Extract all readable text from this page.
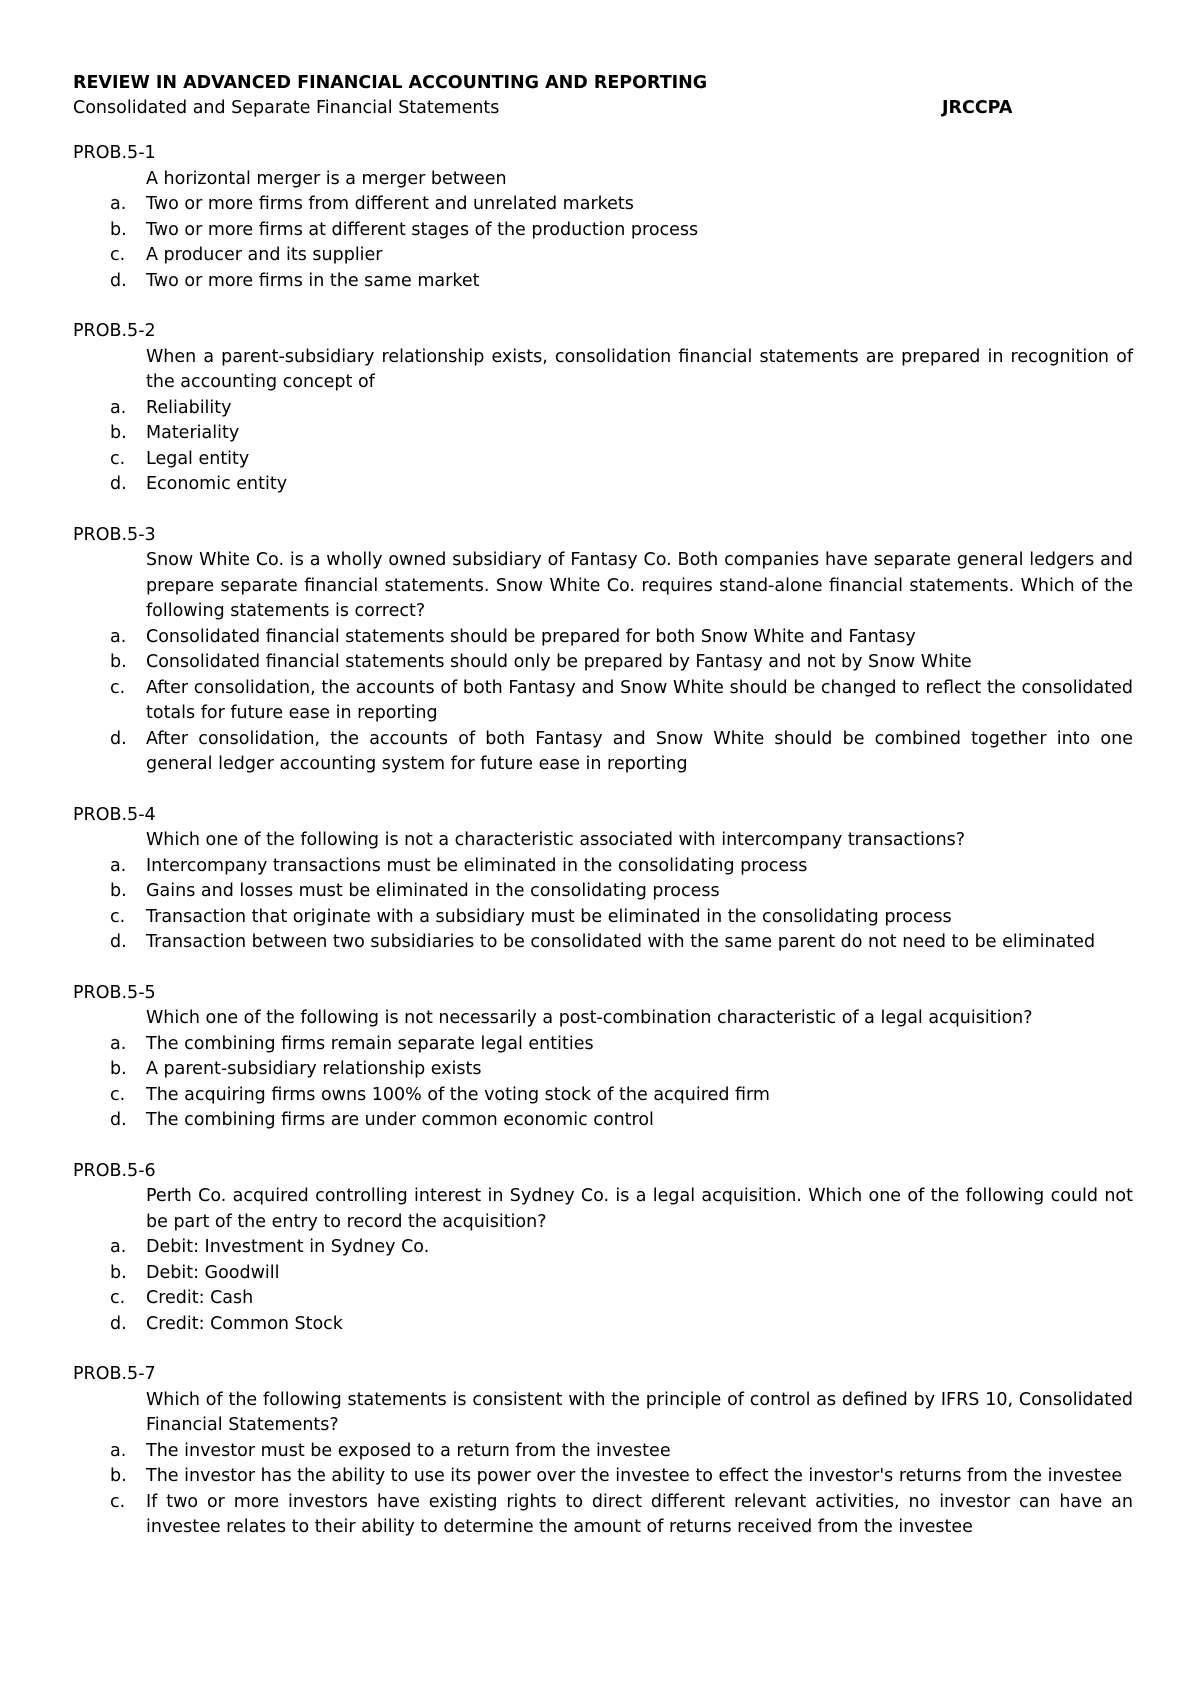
REVIEW IN ADVANCED FINANCIAL ACCOUNTING AND REPORTING
Consolidated and Separate Financial Statements	JRCCPA
PROB.5-1
A horizontal merger is a merger between
a. Two or more firms from different and unrelated markets
b. Two or more firms at different stages of the production process
c. A producer and its supplier
d. Two or more firms in the same market
PROB.5-2
When a parent-subsidiary relationship exists, consolidation financial statements are prepared in recognition of the accounting concept of
a. Reliability
b. Materiality
c. Legal entity
d. Economic entity
PROB.5-3
Snow White Co. is a wholly owned subsidiary of Fantasy Co. Both companies have separate general ledgers and prepare separate financial statements. Snow White Co. requires stand-alone financial statements. Which of the following statements is correct?
a. Consolidated financial statements should be prepared for both Snow White and Fantasy
b. Consolidated financial statements should only be prepared by Fantasy and not by Snow White
c. After consolidation, the accounts of both Fantasy and Snow White should be changed to reflect the consolidated totals for future ease in reporting
d. After consolidation, the accounts of both Fantasy and Snow White should be combined together into one general ledger accounting system for future ease in reporting
PROB.5-4
Which one of the following is not a characteristic associated with intercompany transactions?
a. Intercompany transactions must be eliminated in the consolidating process
b. Gains and losses must be eliminated in the consolidating process
c. Transaction that originate with a subsidiary must be eliminated in the consolidating process
d. Transaction between two subsidiaries to be consolidated with the same parent do not need to be eliminated
PROB.5-5
Which one of the following is not necessarily a post-combination characteristic of a legal acquisition?
a. The combining firms remain separate legal entities
b. A parent-subsidiary relationship exists
c. The acquiring firms owns 100% of the voting stock of the acquired firm
d. The combining firms are under common economic control
PROB.5-6
Perth Co. acquired controlling interest in Sydney Co. is a legal acquisition. Which one of the following could not be part of the entry to record the acquisition?
a. Debit: Investment in Sydney Co.
b. Debit: Goodwill
c. Credit: Cash
d. Credit: Common Stock
PROB.5-7
Which of the following statements is consistent with the principle of control as defined by IFRS 10, Consolidated Financial Statements?
a. The investor must be exposed to a return from the investee
b. The investor has the ability to use its power over the investee to effect the investor's returns from the investee
c. If two or more investors have existing rights to direct different relevant activities, no investor can have an investee relates to their ability to determine the amount of returns received from the investee
